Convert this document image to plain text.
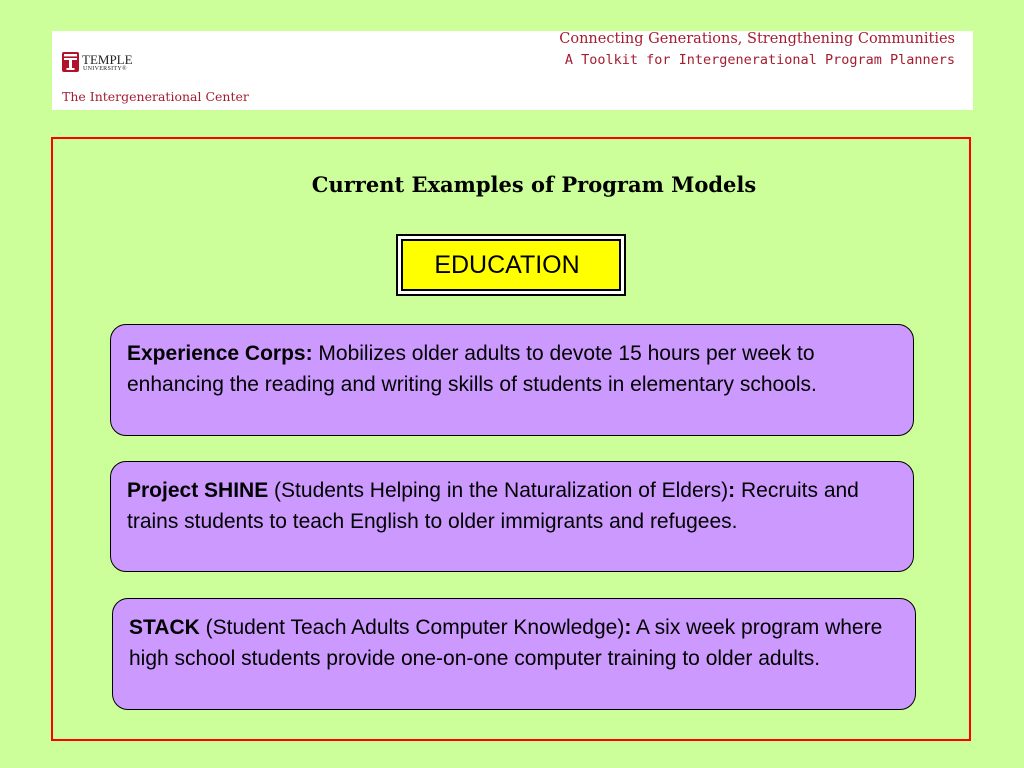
TEMPLE
UNIVERSITY®
The Intergenerational Center
Connecting Generations, Strengthening Communities
A Toolkit for Intergenerational Program Planners
Current Examples of Program Models
EDUCATION
Experience Corps: Mobilizes older adults to devote 15 hours per week to enhancing the reading and writing skills of students in elementary schools.
Project SHINE (Students Helping in the Naturalization of Elders): Recruits and trains students to teach English to older immigrants and refugees.
STACK (Student Teach Adults Computer Knowledge): A six week program where high school students provide one-on-one computer training to older adults.
